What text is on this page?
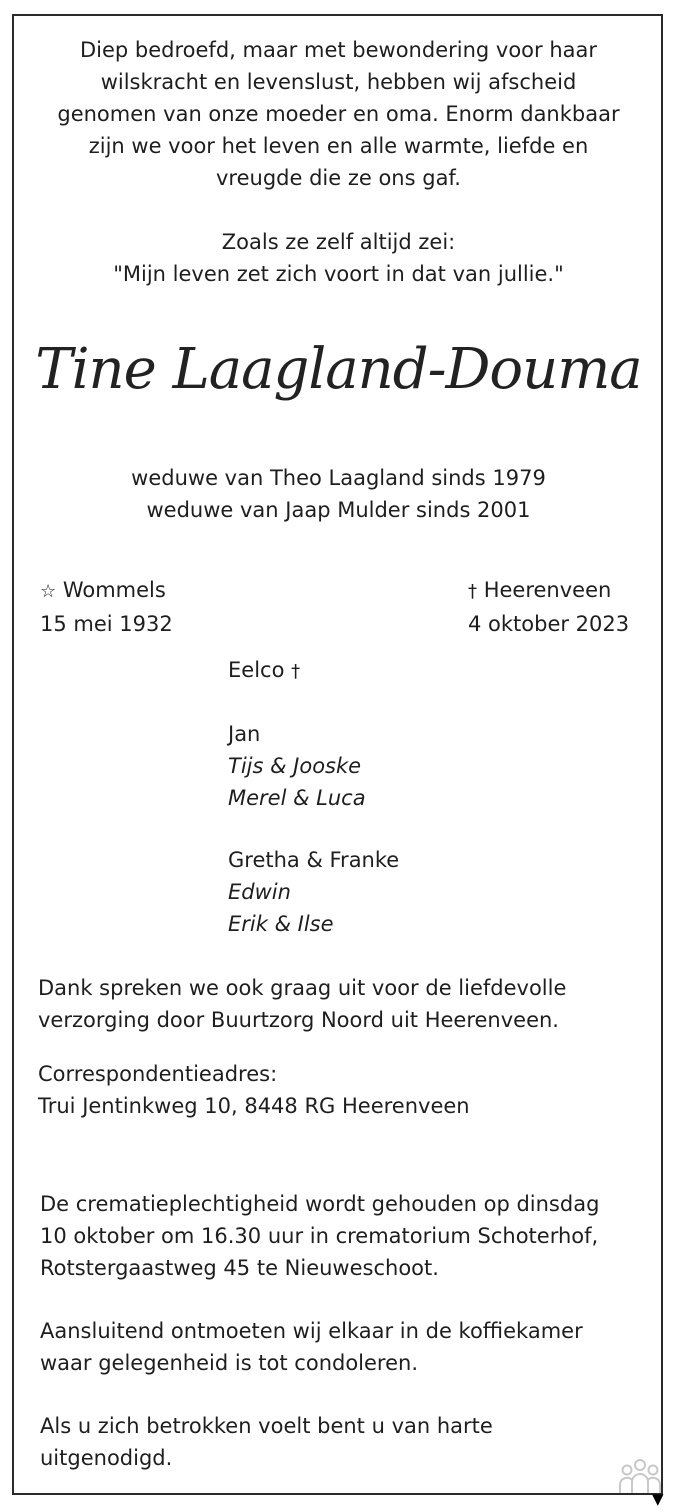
Diep bedroefd, maar met bewondering voor haar
wilskracht en levenslust, hebben wij afscheid
genomen van onze moeder en oma. Enorm dankbaar
zijn we voor het leven en alle warmte, liefde en
vreugde die ze ons gaf.
Zoals ze zelf altijd zei:
"Mijn leven zet zich voort in dat van jullie."
Tine Laagland-Douma
weduwe van Theo Laagland sinds 1979
weduwe van Jaap Mulder sinds 2001
☆ Wommels
15 mei 1932
† Heerenveen
4 oktober 2023
Eelco †
Jan
Tijs & Jooske
Merel & Luca
Gretha & Franke
Edwin
Erik & Ilse
Dank spreken we ook graag uit voor de liefdevolle
verzorging door Buurtzorg Noord uit Heerenveen.
Correspondentieadres:
Trui Jentinkweg 10, 8448 RG Heerenveen
De crematieplechtigheid wordt gehouden op dinsdag
10 oktober om 16.30 uur in crematorium Schoterhof,
Rotstergaastweg 45 te Nieuweschoot.
Aansluitend ontmoeten wij elkaar in de koffiekamer
waar gelegenheid is tot condoleren.
Als u zich betrokken voelt bent u van harte
uitgenodigd.
▼
